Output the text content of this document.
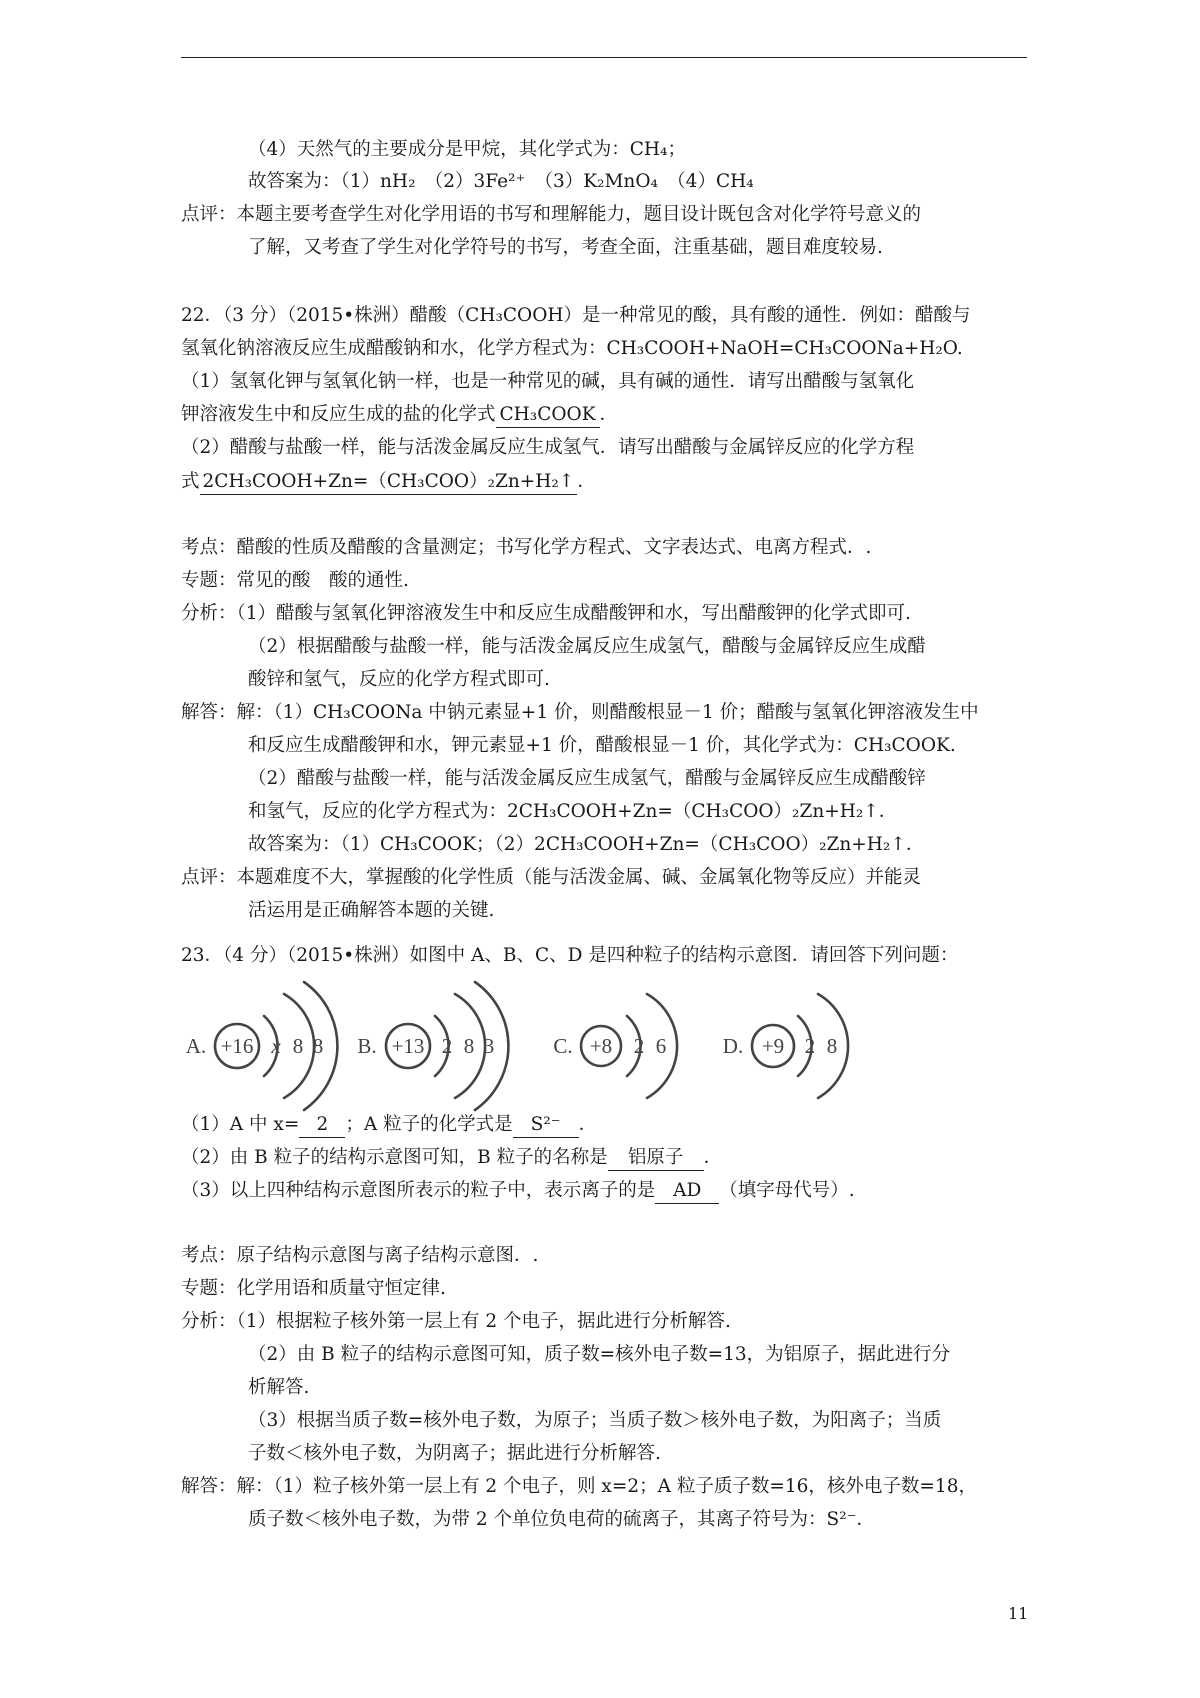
（4）天然气的主要成分是甲烷，其化学式为：CH₄；
故答案为：（1）nH₂　（2）3Fe²⁺　（3）K₂MnO₄　（4）CH₄
点评：本题主要考查学生对化学用语的书写和理解能力，题目设计既包含对化学符号意义的
了解，又考查了学生对化学符号的书写，考查全面，注重基础，题目难度较易.
22．（3 分）（2015•株洲）醋酸（CH₃COOH）是一种常见的酸，具有酸的通性．例如：醋酸与
氢氧化钠溶液反应生成醋酸钠和水，化学方程式为：CH₃COOH+NaOH=CH₃COONa+H₂O.
（1）氢氧化钾与氢氧化钠一样，也是一种常见的碱，具有碱的通性．请写出醋酸与氢氧化
钾溶液发生中和反应生成的盐的化学式 CH₃COOK ．
（2）醋酸与盐酸一样，能与活泼金属反应生成氢气．请写出醋酸与金属锌反应的化学方程
式 2CH₃COOH+Zn=（CH₃COO）₂Zn+H₂↑ ．
考点：醋酸的性质及醋酸的含量测定；书写化学方程式、文字表达式、电离方程式．.
专题：常见的酸　酸的通性.
分析：（1）醋酸与氢氧化钾溶液发生中和反应生成醋酸钾和水，写出醋酸钾的化学式即可.
（2）根据醋酸与盐酸一样，能与活泼金属反应生成氢气，醋酸与金属锌反应生成醋
酸锌和氢气，反应的化学方程式即可.
解答：解：（1）CH₃COONa 中钠元素显+1 价，则醋酸根显－1 价；醋酸与氢氧化钾溶液发生中
和反应生成醋酸钾和水，钾元素显+1 价，醋酸根显－1 价，其化学式为：CH₃COOK.
（2）醋酸与盐酸一样，能与活泼金属反应生成氢气，醋酸与金属锌反应生成醋酸锌
和氢气，反应的化学方程式为：2CH₃COOH+Zn=（CH₃COO）₂Zn+H₂↑．
故答案为：（1）CH₃COOK；（2）2CH₃COOH+Zn=（CH₃COO）₂Zn+H₂↑．
点评：本题难度不大，掌握酸的化学性质（能与活泼金属、碱、金属氧化物等反应）并能灵
活运用是正确解答本题的关键.
23．（4 分）（2015•株洲）如图中 A、B、C、D 是四种粒子的结构示意图．请回答下列问题：
A. +16 x 8 8 B. +13 2 8 3	C. +8 2 6	D. +9 2 8
（1）A 中 x= 2 ；A 粒子的化学式是 S²⁻ ．
（2）由 B 粒子的结构示意图可知，B 粒子的名称是 铝原子 ．
（3）以上四种结构示意图所表示的粒子中，表示离子的是 AD （填字母代号）.
考点：原子结构示意图与离子结构示意图．.
专题：化学用语和质量守恒定律.
分析：（1）根据粒子核外第一层上有 2 个电子，据此进行分析解答.
（2）由 B 粒子的结构示意图可知，质子数=核外电子数=13，为铝原子，据此进行分
析解答.
（3）根据当质子数=核外电子数，为原子；当质子数＞核外电子数，为阳离子；当质
子数＜核外电子数，为阴离子；据此进行分析解答.
解答：解：（1）粒子核外第一层上有 2 个电子，则 x=2；A 粒子质子数=16，核外电子数=18，
质子数＜核外电子数，为带 2 个单位负电荷的硫离子，其离子符号为：S²⁻．
11
